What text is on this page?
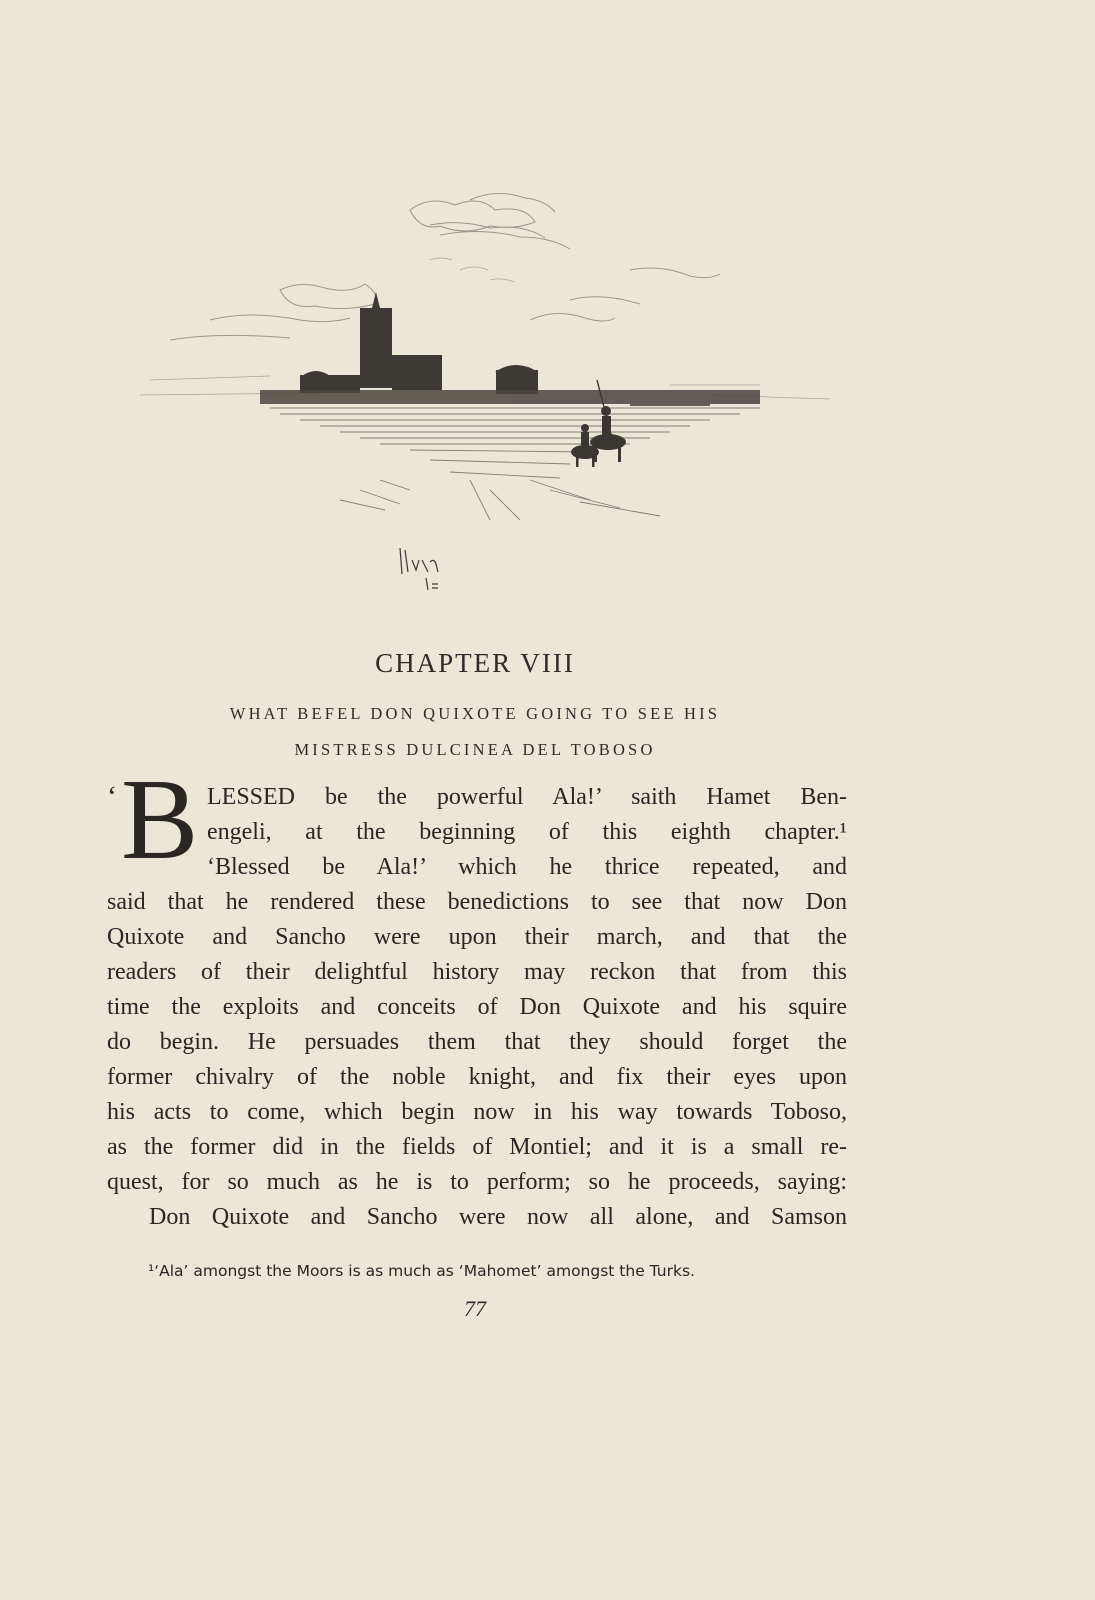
CHAPTER VIII

WHAT BEFEL DON QUIXOTE GOING TO SEE HIS

MISTRESS DULCINEA DEL TOBOSO

‘ B LESSED be the powerful Ala!’ saith Hamet Ben-
engeli, at the beginning of this eighth chapter.¹
‘Blessed be Ala!’ which he thrice repeated, and
said that he rendered these benedictions to see that now Don
Quixote and Sancho were upon their march, and that the
readers of their delightful history may reckon that from this
time the exploits and conceits of Don Quixote and his squire
do begin. He persuades them that they should forget the
former chivalry of the noble knight, and fix their eyes upon
his acts to come, which begin now in his way towards Toboso,
as the former did in the fields of Montiel; and it is a small re-
quest, for so much as he is to perform; so he proceeds, saying:
Don Quixote and Sancho were now all alone, and Samson
¹‘Ala’ amongst the Moors is as much as ‘Mahomet’ amongst the Turks.
77
